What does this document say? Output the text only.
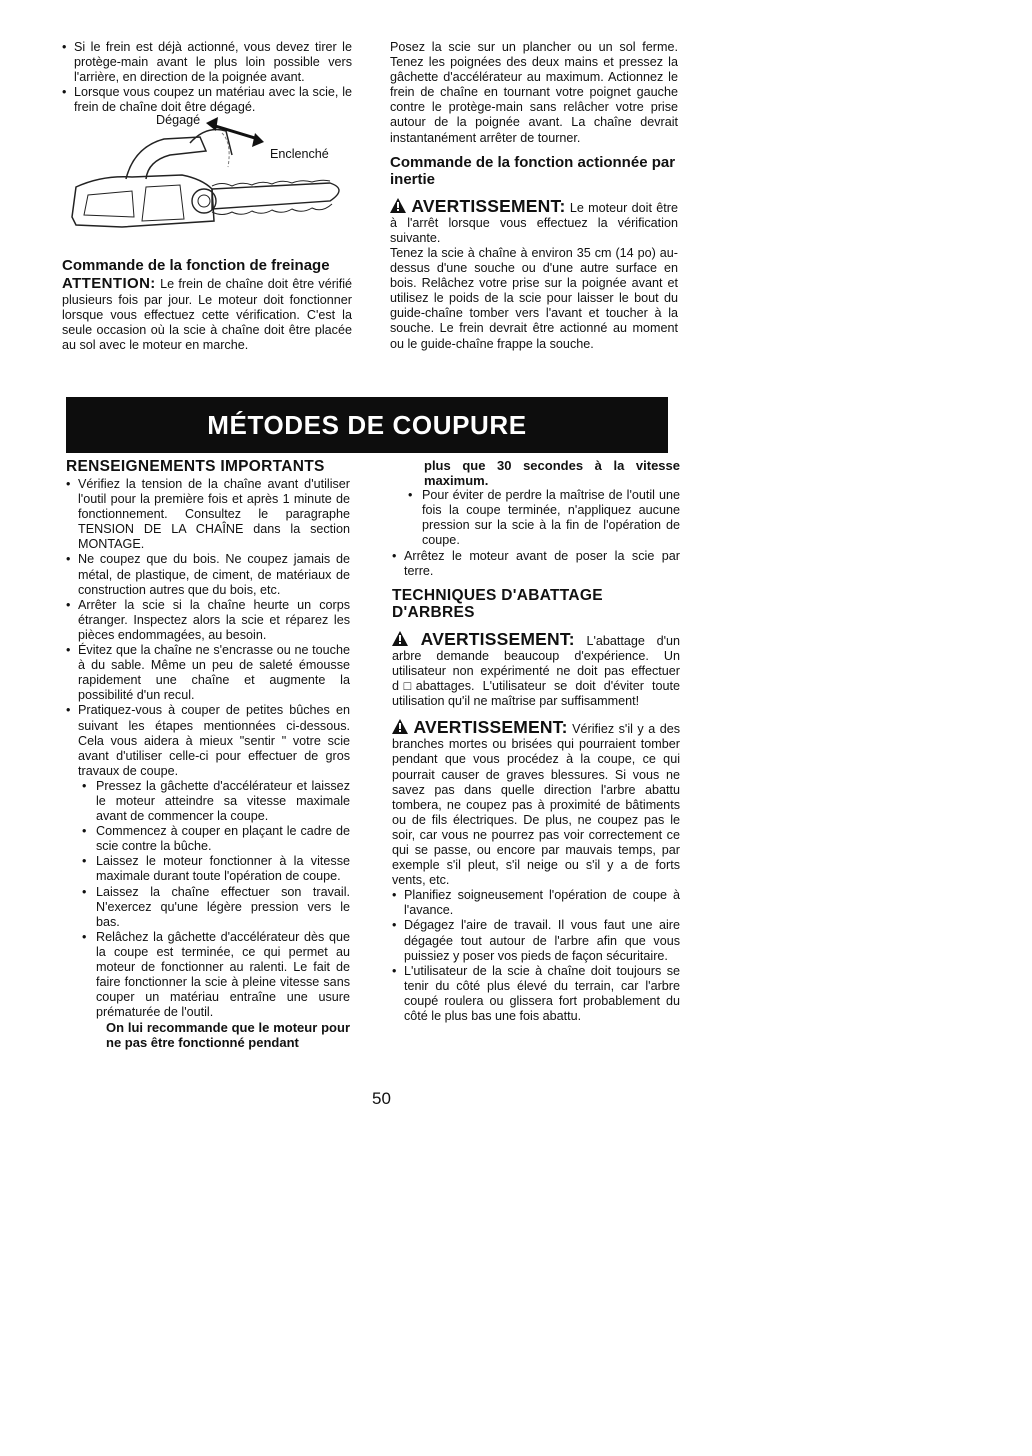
• Si le frein est déjà actionné, vous devez tirer le protège-main avant le plus loin possible vers l'arrière, en direction de la poignée avant.
• Lorsque vous coupez un matériau avec la scie, le frein de chaîne doit être dégagé.
Dégagé
Enclenché
Commande de la fonction de freinage

ATTENTION: Le frein de chaîne doit être vérifié plusieurs fois par jour. Le moteur doit fonctionner lorsque vous effectuez cette vérification. C'est la seule occasion où la scie à chaîne doit être placée au sol avec le moteur en marche.

Posez la scie sur un plancher ou un sol ferme. Tenez les poignées des deux mains et pressez la gâchette d'accélérateur au maximum. Actionnez le frein de chaîne en tournant votre poignet gauche contre le protège-main sans relâcher votre prise autour de la poignée avant. La chaîne devrait instantanément arrêter de tourner.

Commande de la fonction actionnée par inertie

AVERTISSEMENT: Le moteur doit être à l'arrêt lorsque vous effectuez la vérification suivante.

Tenez la scie à chaîne à environ 35 cm (14 po) au-dessus d'une souche ou d'une autre surface en bois. Relâchez votre prise sur la poignée avant et utilisez le poids de la scie pour laisser le bout du guide-chaîne tomber vers l'avant et toucher à la souche. Le frein devrait être actionné au moment ou le guide-chaîne frappe la souche.

MÉTODES DE COUPURE
RENSEIGNEMENTS IMPORTANTS
• Vérifiez la tension de la chaîne avant d'utiliser l'outil pour la première fois et après 1 minute de fonctionnement. Consultez le paragraphe TENSION DE LA CHAÎNE dans la section MONTAGE.
• Ne coupez que du bois. Ne coupez jamais de métal, de plastique, de ciment, de matériaux de construction autres que du bois, etc.
• Arrêter la scie si la chaîne heurte un corps étranger. Inspectez alors la scie et réparez les pièces endommagées, au besoin.
• Évitez que la chaîne ne s'encrasse ou ne touche à du sable. Même un peu de saleté émousse rapidement une chaîne et augmente la possibilité d'un recul.
• Pratiquez-vous à couper de petites bûches en suivant les étapes mentionnées ci-dessous. Cela vous aidera à mieux "sentir " votre scie avant d'utiliser celle-ci pour effectuer de gros travaux de coupe.
• Pressez la gâchette d'accélérateur et laissez le moteur atteindre sa vitesse maximale avant de commencer la coupe.
• Commencez à couper en plaçant le cadre de scie contre la bûche.
• Laissez le moteur fonctionner à la vitesse maximale durant toute l'opération de coupe.
• Laissez la chaîne effectuer son travail. N'exercez qu'une légère pression vers le bas.
• Relâchez la gâchette d'accélérateur dès que la coupe est terminée, ce qui permet au moteur de fonctionner au ralenti. Le fait de faire fonctionner la scie à pleine vitesse sans couper un matériau entraîne une usure prématurée de l'outil.

On lui recommande que le moteur pour ne pas être fonctionné pendant

plus que 30 secondes à la vitesse maximum.

• Pour éviter de perdre la maîtrise de l'outil une fois la coupe terminée, n'appliquez aucune pression sur la scie à la fin de l'opération de coupe.
• Arrêtez le moteur avant de poser la scie par terre.
TECHNIQUES D'ABATTAGE D'ARBRES

AVERTISSEMENT: L'abattage d'un arbre demande beaucoup d'expérience. Un utilisateur non expérimenté ne doit pas effectuer d□abattages. L'utilisateur se doit d'éviter toute utilisation qu'il ne maîtrise par suffisamment!

AVERTISSEMENT: Vérifiez s'il y a des branches mortes ou brisées qui pourraient tomber pendant que vous procédez à la coupe, ce qui pourrait causer de graves blessures. Si vous ne savez pas dans quelle direction l'arbre abattu tombera, ne coupez pas à proximité de bâtiments ou de fils électriques. De plus, ne coupez pas le soir, car vous ne pourrez pas voir correctement ce qui se passe, ou encore par mauvais temps, par exemple s'il pleut, s'il neige ou s'il y a de forts vents, etc.

• Planifiez soigneusement l'opération de coupe à l'avance.
• Dégagez l'aire de travail. Il vous faut une aire dégagée tout autour de l'arbre afin que vous puissiez y poser vos pieds de façon sécuritaire.
• L'utilisateur de la scie à chaîne doit toujours se tenir du côté plus élevé du terrain, car l'arbre coupé roulera ou glissera fort probablement du côté le plus bas une fois abattu.
50
